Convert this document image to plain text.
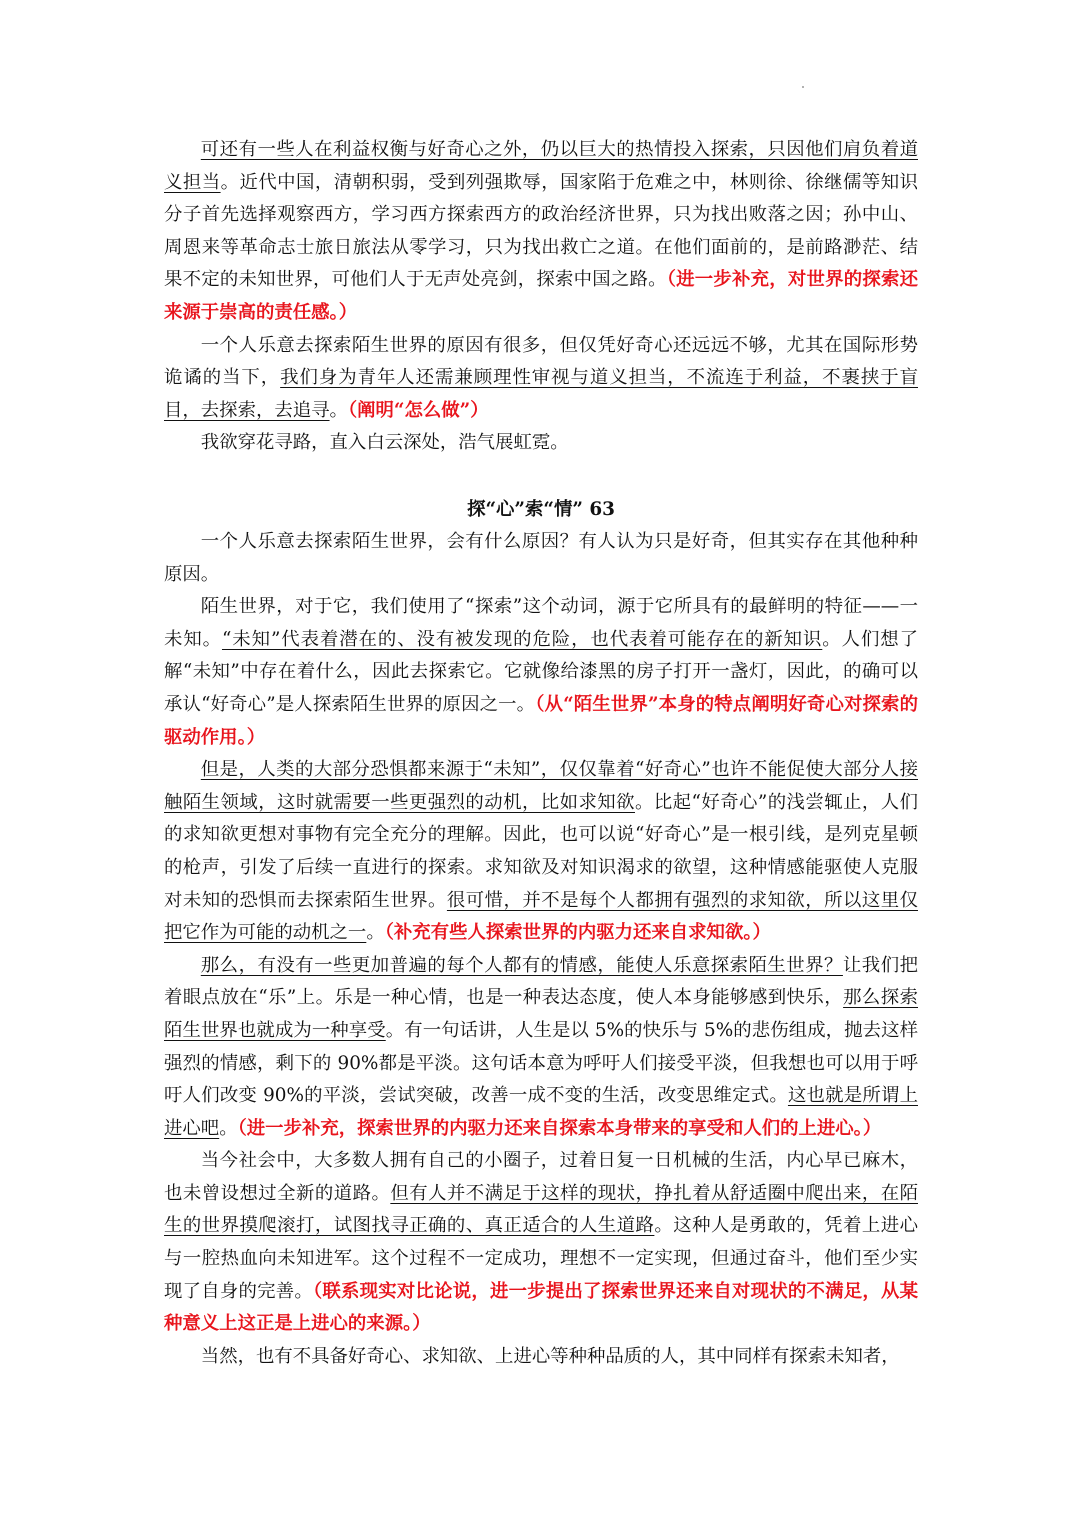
可还有一些人在利益权衡与好奇心之外，仍以巨大的热情投入探索，只因他们肩负着道义担当。近代中国，清朝积弱，受到列强欺辱，国家陷于危难之中，林则徐、徐继儒等知识分子首先选择观察西方，学习西方探索西方的政治经济世界，只为找出败落之因；孙中山、周恩来等革命志士旅日旅法从零学习，只为找出救亡之道。在他们面前的，是前路渺茫、结果不定的未知世界，可他们人于无声处亮剑，探索中国之路。（进一步补充，对世界的探索还来源于崇高的责任感。）

一个人乐意去探索陌生世界的原因有很多，但仅凭好奇心还远远不够，尤其在国际形势诡谲的当下，我们身为青年人还需兼顾理性审视与道义担当，不流连于利益，不裹挟于盲目，去探索，去追寻。（阐明“怎么做”）

我欲穿花寻路，直入白云深处，浩气展虹霓。

探“心”索“情” 63

一个人乐意去探索陌生世界，会有什么原因？有人认为只是好奇，但其实存在其他种种原因。

陌生世界，对于它，我们使用了“探索”这个动词，源于它所具有的最鲜明的特征——一未知。“未知”代表着潜在的、没有被发现的危险，也代表着可能存在的新知识。人们想了解“未知”中存在着什么，因此去探索它。它就像给漆黑的房子打开一盏灯，因此，的确可以承认“好奇心”是人探索陌生世界的原因之一。（从“陌生世界”本身的特点阐明好奇心对探索的驱动作用。）

但是，人类的大部分恐惧都来源于“未知”，仅仅靠着“好奇心”也许不能促使大部分人接触陌生领域，这时就需要一些更强烈的动机，比如求知欲。比起“好奇心”的浅尝辄止，人们的求知欲更想对事物有完全充分的理解。因此，也可以说“好奇心”是一根引线，是列克星顿的枪声，引发了后续一直进行的探索。求知欲及对知识渴求的欲望，这种情感能驱使人克服对未知的恐惧而去探索陌生世界。很可惜，并不是每个人都拥有强烈的求知欲，所以这里仅把它作为可能的动机之一。（补充有些人探索世界的内驱力还来自求知欲。）

那么，有没有一些更加普遍的每个人都有的情感，能使人乐意探索陌生世界？让我们把着眼点放在“乐”上。乐是一种心情，也是一种表达态度，使人本身能够感到快乐，那么探索陌生世界也就成为一种享受。有一句话讲，人生是以 5%的快乐与 5%的悲伤组成，抛去这样强烈的情感，剩下的 90%都是平淡。这句话本意为呼吁人们接受平淡，但我想也可以用于呼吁人们改变 90%的平淡，尝试突破，改善一成不变的生活，改变思维定式。这也就是所谓上进心吧。（进一步补充，探索世界的内驱力还来自探索本身带来的享受和人们的上进心。）

当今社会中，大多数人拥有自己的小圈子，过着日复一日机械的生活，内心早已麻木，也未曾设想过全新的道路。但有人并不满足于这样的现状，挣扎着从舒适圈中爬出来，在陌生的世界摸爬滚打，试图找寻正确的、真正适合的人生道路。这种人是勇敢的，凭着上进心与一腔热血向未知进军。这个过程不一定成功，理想不一定实现，但通过奋斗，他们至少实现了自身的完善。（联系现实对比论说，进一步提出了探索世界还来自对现状的不满足，从某种意义上这正是上进心的来源。）

当然，也有不具备好奇心、求知欲、上进心等种种品质的人，其中同样有探索未知者，
